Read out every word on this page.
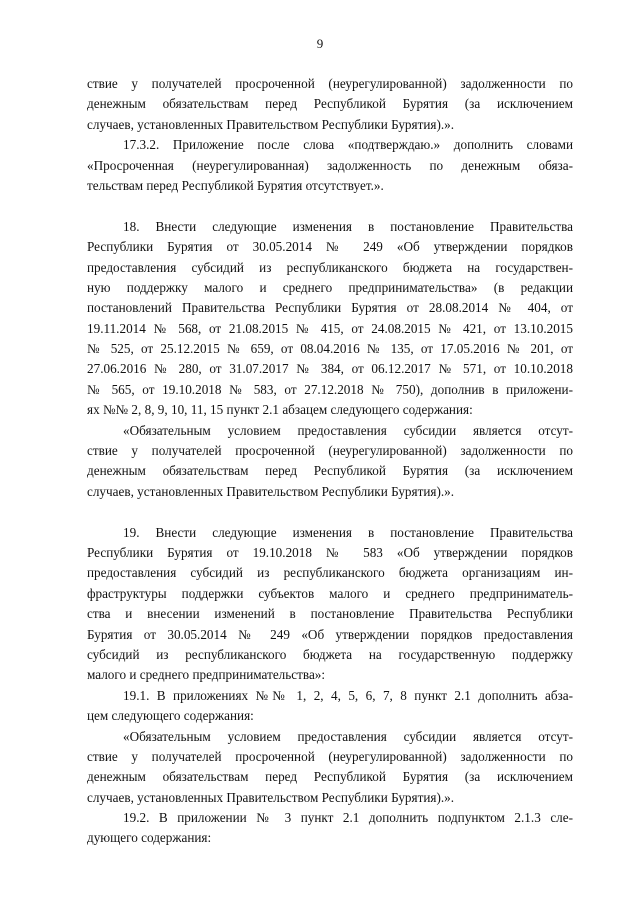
9
ствие у получателей просроченной (неурегулированной) задолженности по
денежным обязательствам перед Республикой Бурятия (за исключением
случаев, установленных Правительством Республики Бурятия).».
17.3.2. Приложение после слова «подтверждаю.» дополнить словами
«Просроченная (неурегулированная) задолженность по денежным обяза-
тельствам перед Республикой Бурятия отсутствует.».
18. Внести следующие изменения в постановление Правительства
Республики Бурятия от 30.05.2014 № 249 «Об утверждении порядков
предоставления субсидий из республиканского бюджета на государствен-
ную поддержку малого и среднего предпринимательства» (в редакции
постановлений Правительства Республики Бурятия от 28.08.2014 № 404, от
19.11.2014 № 568, от 21.08.2015 № 415, от 24.08.2015 № 421, от 13.10.2015
№ 525, от 25.12.2015 № 659, от 08.04.2016 № 135, от 17.05.2016 № 201, от
27.06.2016 № 280, от 31.07.2017 № 384, от 06.12.2017 № 571, от 10.10.2018
№ 565, от 19.10.2018 № 583, от 27.12.2018 № 750), дополнив в приложени-
ях №№ 2, 8, 9, 10, 11, 15 пункт 2.1 абзацем следующего содержания:
«Обязательным условием предоставления субсидии является отсут-
ствие у получателей просроченной (неурегулированной) задолженности по
денежным обязательствам перед Республикой Бурятия (за исключением
случаев, установленных Правительством Республики Бурятия).».
19. Внести следующие изменения в постановление Правительства
Республики Бурятия от 19.10.2018 № 583 «Об утверждении порядков
предоставления субсидий из республиканского бюджета организациям ин-
фраструктуры поддержки субъектов малого и среднего предприниматель-
ства и внесении изменений в постановление Правительства Республики
Бурятия от 30.05.2014 № 249 «Об утверждении порядков предоставления
субсидий из республиканского бюджета на государственную поддержку
малого и среднего предпринимательства»:
19.1. В приложениях №№ 1, 2, 4, 5, 6, 7, 8 пункт 2.1 дополнить абза-
цем следующего содержания:
«Обязательным условием предоставления субсидии является отсут-
ствие у получателей просроченной (неурегулированной) задолженности по
денежным обязательствам перед Республикой Бурятия (за исключением
случаев, установленных Правительством Республики Бурятия).».
19.2. В приложении № 3 пункт 2.1 дополнить подпунктом 2.1.3 сле-
дующего содержания:
